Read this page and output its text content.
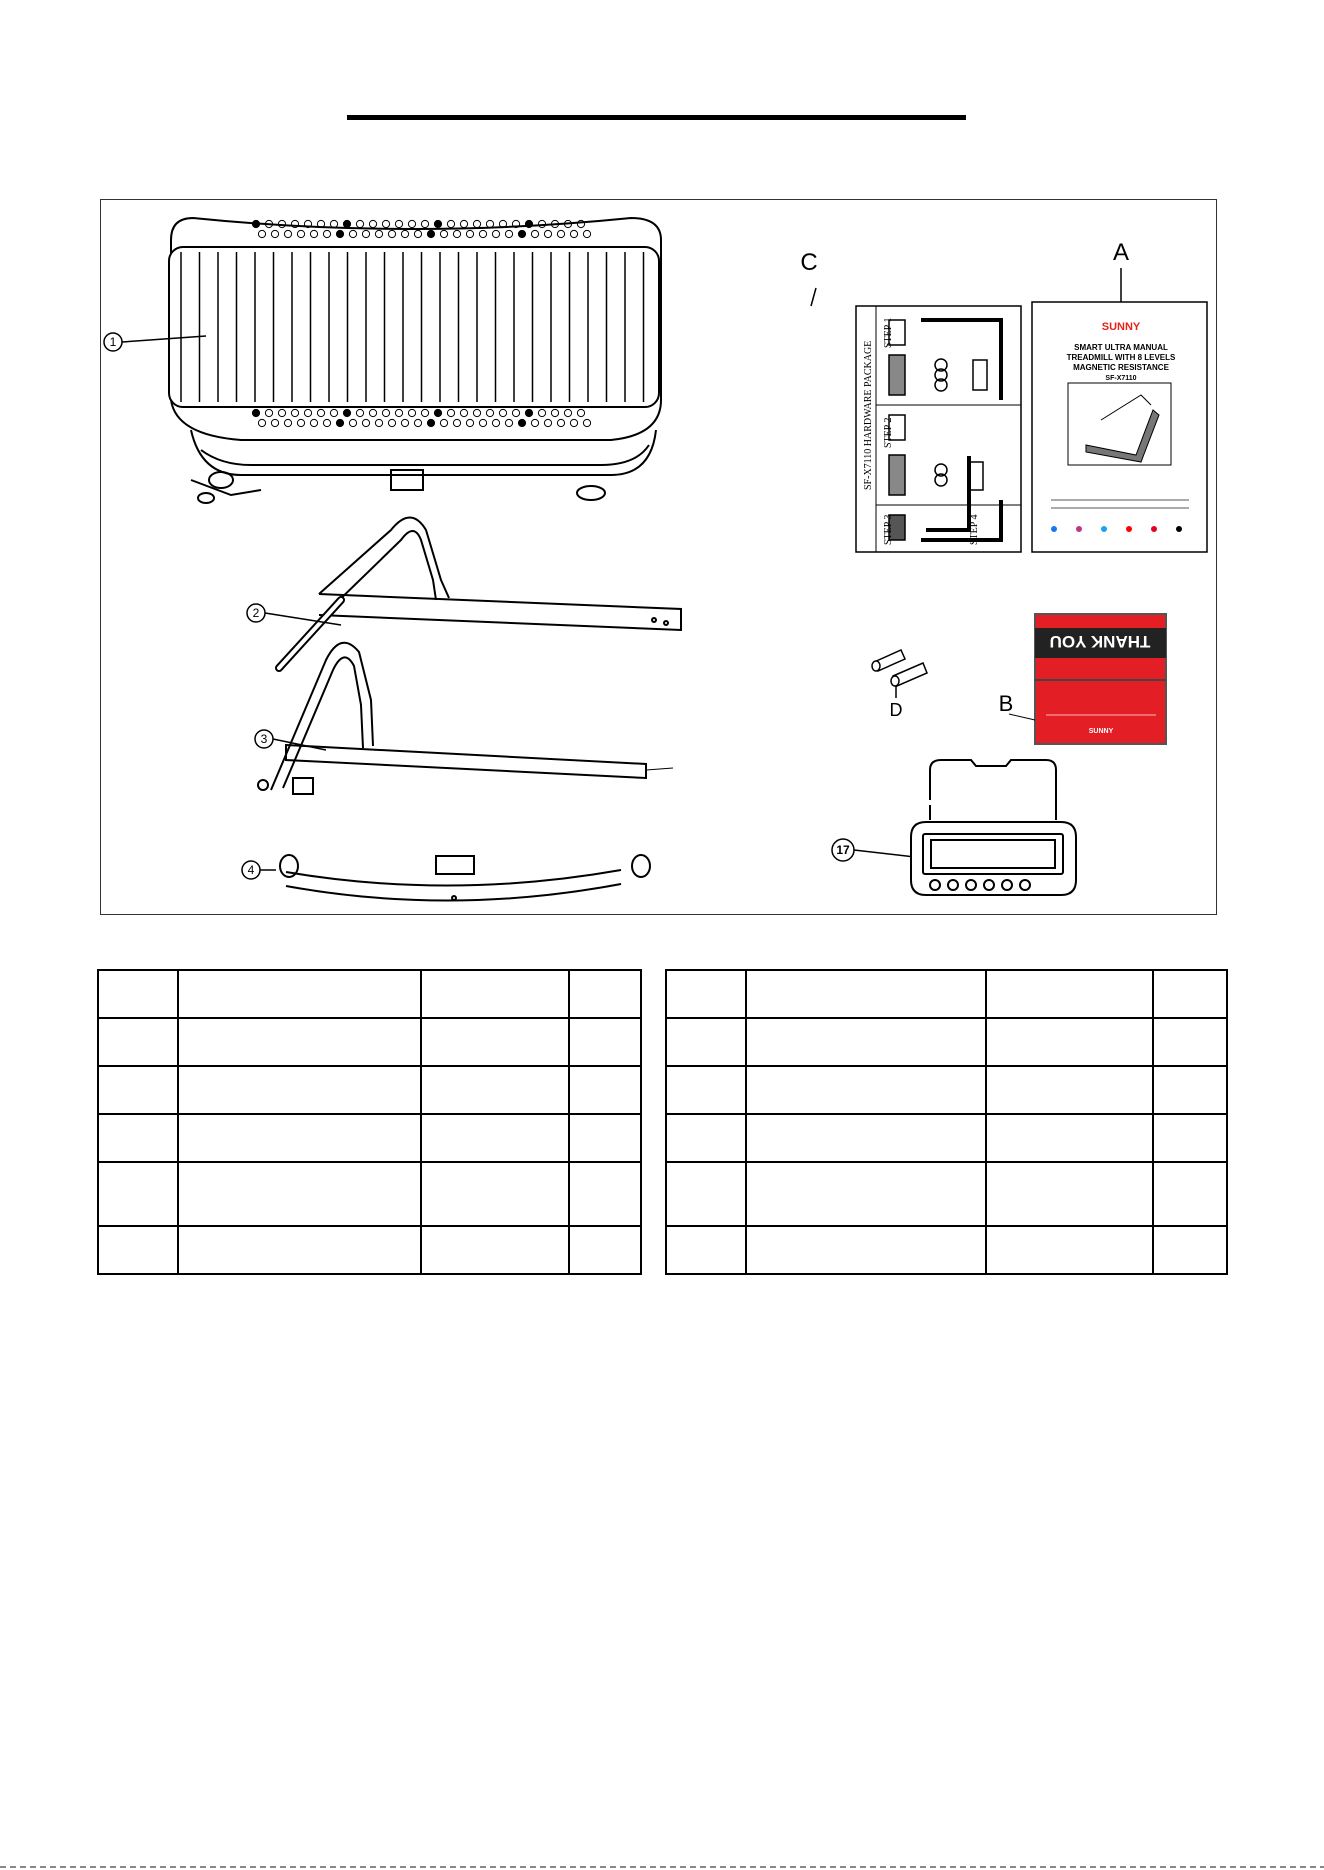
1
2
3
4
17
SF-X7110 HARDWARE PACKAGE
STEP 1
STEP 2
STEP 3	STEP 4
C	A
SUNNY
SMART ULTRA MANUAL
TREADMILL WITH 8 LEVELS
MAGNETIC RESISTANCE
SF-X7110
D
THANK YOU
SUNNY
B
